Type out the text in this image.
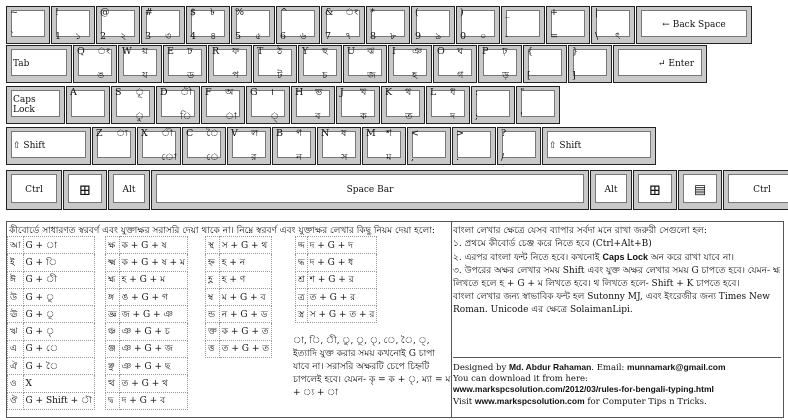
~
`
!
1 ১
@
2 ২
#
3 ৩
$
4
৳
৪
%
5 ৫
^
6 ৬
&
7
ং
৭
*
8 ৮
(
9 ৯
)
0 ০
_
-
+
=
|
\ ৎ
← Back Space
Tab
Q ং
ঙ
W য়
য
E ঢ
ড
R ফ
প
T ঠ
ট
Y ছ
চ
U ঝ
জ
I ঞ
হ
O ঘ
গ
P ঢ়
ড়
{
[
}
]
↵ Enter
Caps Lock
A	S ূ
ু
D ী
ি
F অ
া
G ।
্
H ভ
ব
J খ
ক
K থ
ত
L ধ
দ
:
;
"
'
⇧ Shift
Z ্য X ৗ
ো
C ৈ
ে
V ল
র
B ণ
ন
N ষ
স
M শ
ম
<
,
>
.
?
/
⇧ Shift
Ctrl	⊞	Alt	Space Bar	Alt	⊞	▤	Ctrl
কীবোর্ডে সাধারণত স্বরবর্ণ এবং যুক্তাক্ষর সরাসরি দেয়া থাকে না। নিম্নে স্বরবর্ণ এবং যুক্তাক্ষর লেখার কিছু নিয়ম দেয়া হলো: বাংলা লেখার ক্ষেত্রে যেসব ব্যাপার সর্বদা মনে রাখা জরুরী সেগুলো হল:
আ	G + া
ই	G + ি
ঈ	G + ী
উ	G + ু
ঊ	G + ূ
ঋ	G + ৃ
এ	G + ে
ঐ	G + ৈ
ও	X
ঔ	G + Shift + ৗ
ক্ষ	ক + G + ষ
ক্ষ্ম	ক + G + ষ + ম
হ্ম	হ + G + ম
ঙ্গ	ঙ + G + গ
জ্ঞ	জ + G + ঞ
ঞ্চ	ঞ + G + চ
ঞ্জ	ঞ + G + জ
ঞ্ছ	ঞ + G + ছ
ত্থ	ত + G + থ
দ্ব	দ + G + ব
স্থ	স + G + থ
হ্ন	হ + ন
হ্ণ	হ + ণ
ম্ব	ম + G + ব
ন্ড	ন + G + ড
ক্ত	ক + G + ত
ত্ত	ত + G + ত
দ্দ	দ + G + দ
দ্ধ	দ + G + ধ
শ্র	শ + G + র
ত্র	ত + G + র
স্ত্র	স + G + ত + র
া, ি, ী, ু, ূ, ৃ, ে, ৈ, ্, ইত্যাদি যুক্ত করার সময় কখনোই G চাপা যাবে না। সরাসরি অক্ষরটি চেপে চিহ্নটি চাপলেই হবে। যেমন- কৃ = ক + ৃ, ম্যা = ম + ্য + া
১. প্রথমে কীবোর্ড চেঞ্জ করে নিতে হবে (Ctrl+Alt+B)
২. এরপর বাংলা ফন্ট নিতে হবে। কখনোই Caps Lock অন করে রাখা যাবে না।
৩. উপরের অক্ষর লেখার সময় Shift এবং যুক্ত অক্ষর লেখার সময় G চাপতে হবে। যেমন- হ্ম লিখতে হলে হ + G + ম লিখতে হবে। থ লিখতে হলে- Shift + K চাপতে হবে।
বাংলা লেখার জন্য স্বাভাবিক ফন্ট হল Sutonny MJ, এবং ইংরেজীর জন্য Times New Roman. Unicode এর ক্ষেত্রে SolaimanLipi.
Designed by Md. Abdur Rahaman. Email: munnamark@gmail.com
You can download it from here:
www.markspcsolution.com/2012/03/rules-for-bengali-typing.html
Visit www.markspcsolution.com for Computer Tips n Tricks.
